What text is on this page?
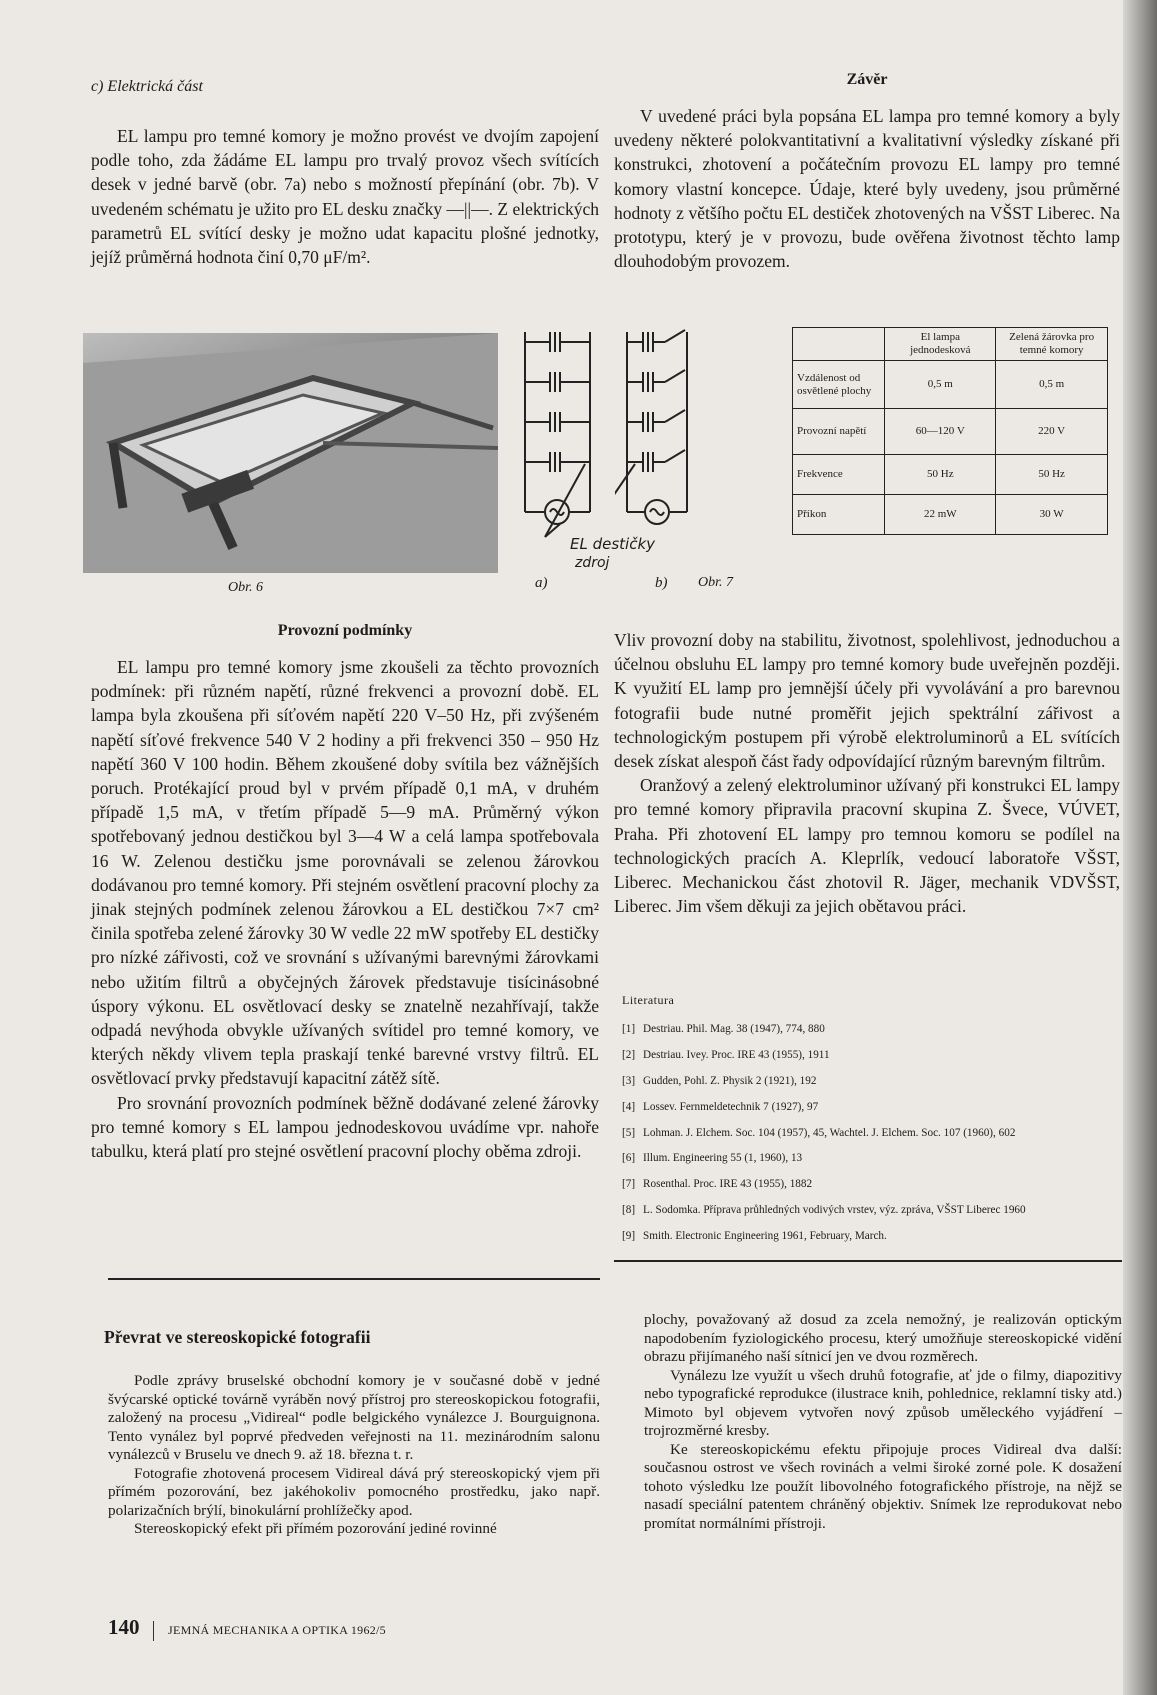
c) Elektrická část

EL lampu pro temné komory je možno provést ve dvojím zapojení podle toho, zda žádáme EL lampu pro trvalý provoz všech svítících desek v jedné barvě (obr. 7a) nebo s možností přepínání (obr. 7b). V uvedeném schématu je užito pro EL desku značky —||—. Z elektrických parametrů EL svítící desky je možno udat kapacitu plošné jednotky, jejíž průměrná hodnota činí 0,70 μF/m².

Obr. 6
EL destičky
zdroj
a)	b) Obr. 7
Provozní podmínky

EL lampu pro temné komory jsme zkoušeli za těchto provozních podmínek: při různém napětí, různé frekvenci a provozní době. EL lampa byla zkoušena při síťovém napětí 220 V–50 Hz, při zvýšeném napětí síťové frekvence 540 V 2 hodiny a při frekvenci 350 – 950 Hz napětí 360 V 100 hodin. Během zkoušené doby svítila bez vážnějších poruch. Protékající proud byl v prvém případě 0,1 mA, v druhém případě 1,5 mA, v třetím případě 5—9 mA. Průměrný výkon spotřebovaný jednou destičkou byl 3—4 W a celá lampa spotřebovala 16 W. Zelenou destičku jsme porovnávali se zelenou žárovkou dodávanou pro temné komory. Při stejném osvětlení pracovní plochy za jinak stejných podmínek zelenou žárovkou a EL destičkou 7×7 cm² činila spotřeba zelené žárovky 30 W vedle 22 mW spotřeby EL destičky pro nízké zářivosti, což ve srovnání s užívanými barevnými žárovkami nebo užitím filtrů a obyčejných žárovek představuje tisícinásobné úspory výkonu. EL osvětlovací desky se znatelně nezahřívají, takže odpadá nevýhoda obvykle užívaných svítidel pro temné komory, ve kterých někdy vlivem tepla praskají tenké barevné vrstvy filtrů. EL osvětlovací prvky představují kapacitní zátěž sítě.

Pro srovnání provozních podmínek běžně dodávané zelené žárovky pro temné komory s EL lampou jednodeskovou uvádíme vpr. nahoře tabulku, která platí pro stejné osvětlení pracovní plochy oběma zdroji.

Závěr

V uvedené práci byla popsána EL lampa pro temné komory a byly uvedeny některé polokvantitativní a kvalitativní výsledky získané při konstrukci, zhotovení a počátečním provozu EL lampy pro temné komory vlastní koncepce. Údaje, které byly uvedeny, jsou průměrné hodnoty z většího počtu EL destiček zhotovených na VŠST Liberec. Na prototypu, který je v provozu, bude ověřena životnost těchto lamp dlouhodobým provozem.

	El lampa jednodesková	Zelená žárovka pro temné komory
Vzdálenost od osvětlené plochy	0,5 m	0,5 m
Provozní napětí	60—120 V	220 V
Frekvence	50 Hz	50 Hz
Příkon	22 mW	30 W

Vliv provozní doby na stabilitu, životnost, spolehlivost, jednoduchou a účelnou obsluhu EL lampy pro temné komory bude uveřejněn později. K využití EL lamp pro jemnější účely při vyvolávání a pro barevnou fotografii bude nutné proměřit jejich spektrální zářivost a technologickým postupem při výrobě elektroluminorů a EL svítících desek získat alespoň část řady odpovídající různým barevným filtrům.

Oranžový a zelený elektroluminor užívaný při konstrukci EL lampy pro temné komory připravila pracovní skupina Z. Švece, VÚVET, Praha. Při zhotovení EL lampy pro temnou komoru se podílel na technologických pracích A. Kleprlík, vedoucí laboratoře VŠST, Liberec. Mechanickou část zhotovil R. Jäger, mechanik VDVŠST, Liberec. Jim všem děkuji za jejich obětavou práci.

Literatura
[1] Destriau. Phil. Mag. 38 (1947), 774, 880
[2] Destriau. Ivey. Proc. IRE 43 (1955), 1911
[3] Gudden, Pohl. Z. Physik 2 (1921), 192
[4] Lossev. Fernmeldetechnik 7 (1927), 97
[5] Lohman. J. Elchem. Soc. 104 (1957), 45, Wachtel. J. Elchem. Soc. 107 (1960), 602
[6] Illum. Engineering 55 (1, 1960), 13
[7] Rosenthal. Proc. IRE 43 (1955), 1882
[8] L. Sodomka. Příprava průhledných vodivých vrstev, výz. zpráva, VŠST Liberec 1960
[9] Smith. Electronic Engineering 1961, February, March.
Převrat ve stereoskopické fotografii

Podle zprávy bruselské obchodní komory je v současné době v jedné švýcarské optické továrně vyráběn nový přístroj pro stereoskopickou fotografii, založený na procesu „Vidireal“ podle belgického vynálezce J. Bourguignona. Tento vynález byl poprvé předveden veřejnosti na 11. mezinárodním salonu vynálezců v Bruselu ve dnech 9. až 18. března t. r.

Fotografie zhotovená procesem Vidireal dává prý stereoskopický vjem při přímém pozorování, bez jakéhokoliv pomocného prostředku, jako např. polarizačních brýlí, binokulární prohlížečky apod.

Stereoskopický efekt při přímém pozorování jediné rovinné

plochy, považovaný až dosud za zcela nemožný, je realizován optickým napodobením fyziologického procesu, který umožňuje stereoskopické vidění obrazu přijímaného naší sítnicí jen ve dvou rozměrech.

Vynálezu lze využít u všech druhů fotografie, ať jde o filmy, diapozitivy nebo typografické reprodukce (ilustrace knih, pohlednice, reklamní tisky atd.) Mimoto byl objevem vytvořen nový způsob uměleckého vyjádření – trojrozměrné kresby.

Ke stereoskopickému efektu připojuje proces Vidireal dva další: současnou ostrost ve všech rovinách a velmi široké zorné pole. K dosažení tohoto výsledku lze použít libovolného fotografického přístroje, na nějž se nasadí speciální patentem chráněný objektiv. Snímek lze reprodukovat nebo promítat normálními přístroji.

140 JEMNÁ MECHANIKA A OPTIKA 1962/5
